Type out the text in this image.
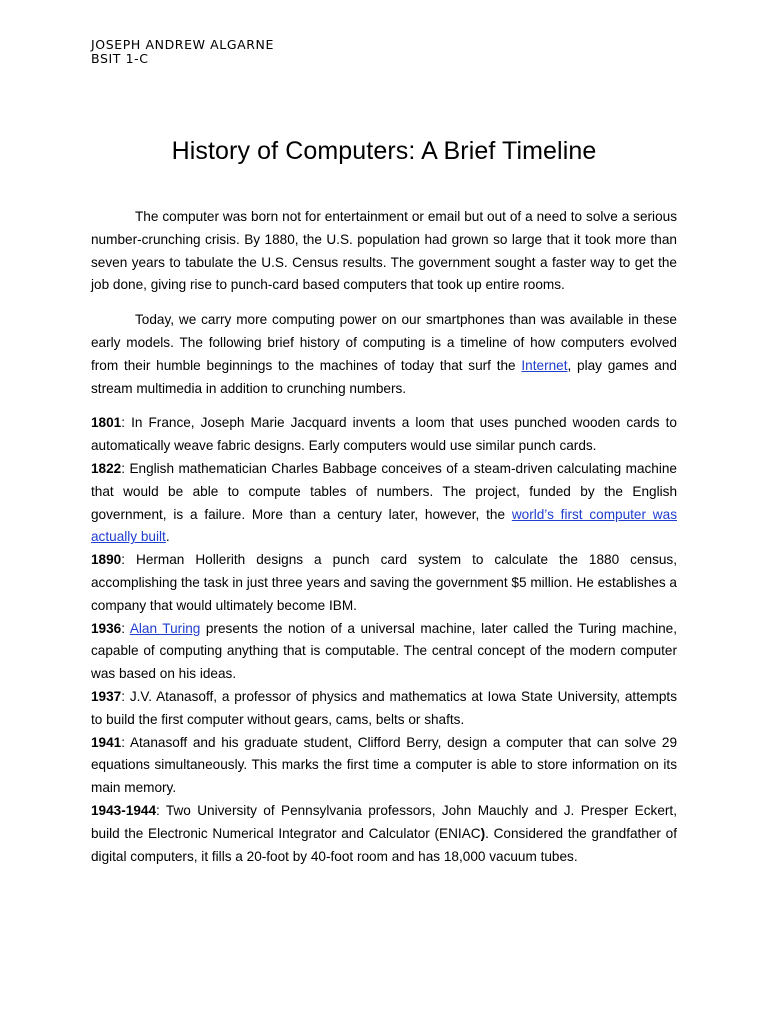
JOSEPH ANDREW ALGARNE
BSIT 1-C
History of Computers: A Brief Timeline

The computer was born not for entertainment or email but out of a need to solve a serious number-crunching crisis. By 1880, the U.S. population had grown so large that it took more than seven years to tabulate the U.S. Census results. The government sought a faster way to get the job done, giving rise to punch-card based computers that took up entire rooms.

Today, we carry more computing power on our smartphones than was available in these early models. The following brief history of computing is a timeline of how computers evolved from their humble beginnings to the machines of today that surf the Internet, play games and stream multimedia in addition to crunching numbers.

1801: In France, Joseph Marie Jacquard invents a loom that uses punched wooden cards to automatically weave fabric designs. Early computers would use similar punch cards.

1822: English mathematician Charles Babbage conceives of a steam-driven calculating machine that would be able to compute tables of numbers. The project, funded by the English government, is a failure. More than a century later, however, the world’s first computer was actually built.

1890: Herman Hollerith designs a punch card system to calculate the 1880 census, accomplishing the task in just three years and saving the government $5 million. He establishes a company that would ultimately become IBM.

1936: Alan Turing presents the notion of a universal machine, later called the Turing machine, capable of computing anything that is computable. The central concept of the modern computer was based on his ideas.

1937: J.V. Atanasoff, a professor of physics and mathematics at Iowa State University, attempts to build the first computer without gears, cams, belts or shafts.

1941: Atanasoff and his graduate student, Clifford Berry, design a computer that can solve 29 equations simultaneously. This marks the first time a computer is able to store information on its main memory.

1943-1944: Two University of Pennsylvania professors, John Mauchly and J. Presper Eckert, build the Electronic Numerical Integrator and Calculator (ENIAC). Considered the grandfather of digital computers, it fills a 20-foot by 40-foot room and has 18,000 vacuum tubes.
